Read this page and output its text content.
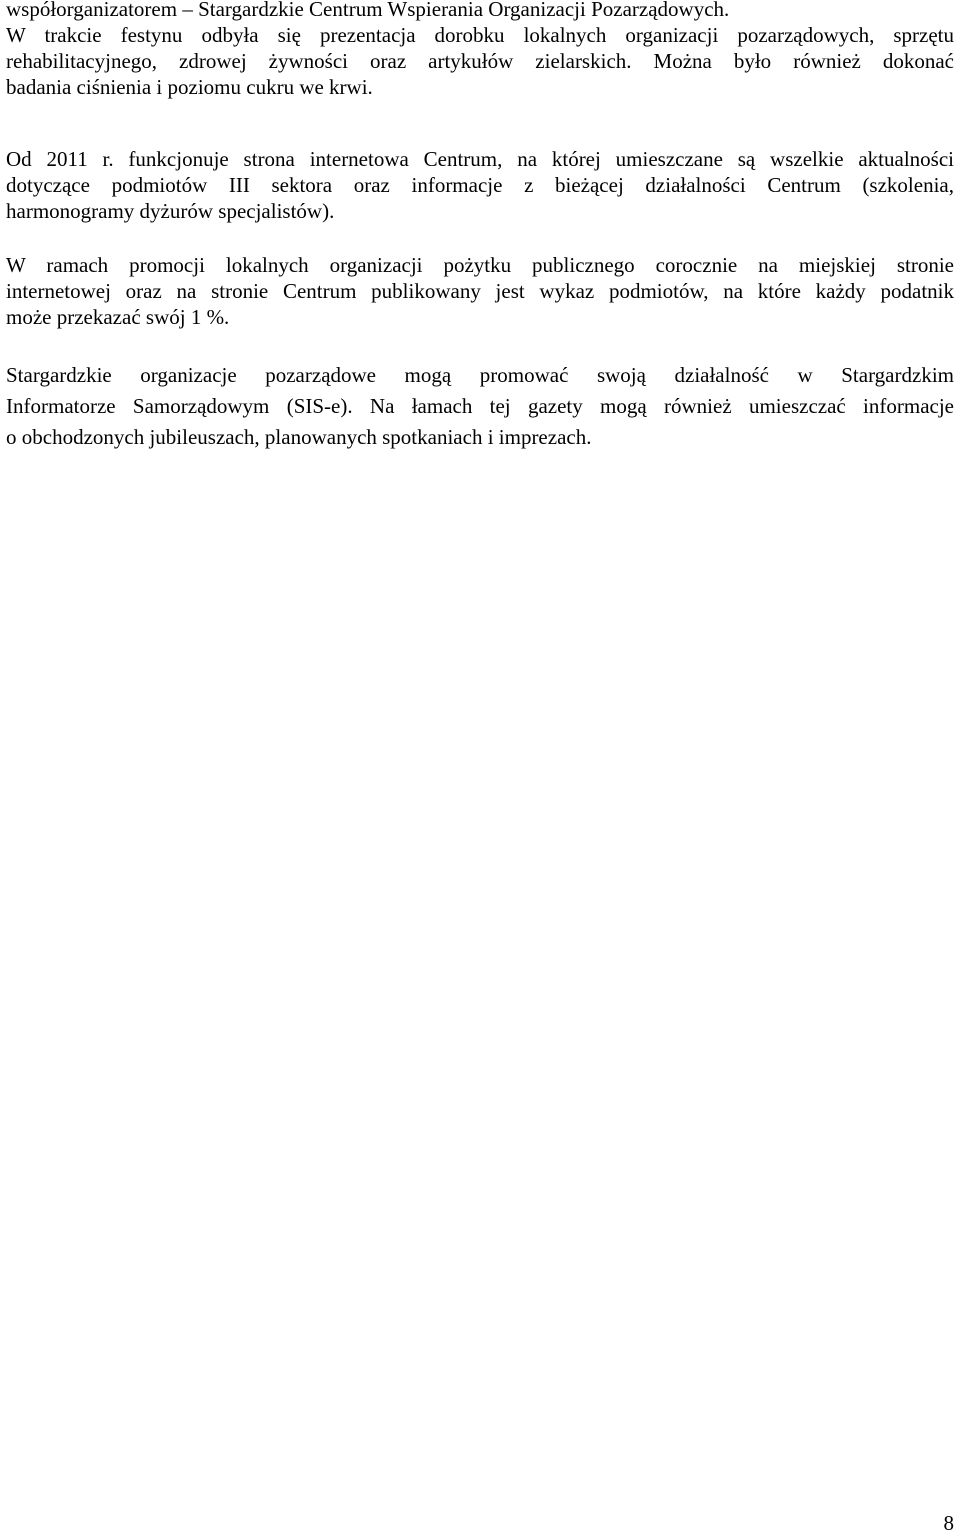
współorganizatorem – Stargardzkie Centrum Wspierania Organizacji Pozarządowych.
W trakcie festynu odbyła się prezentacja dorobku lokalnych organizacji pozarządowych, sprzętu
rehabilitacyjnego, zdrowej żywności oraz artykułów zielarskich. Można było również dokonać
badania ciśnienia i poziomu cukru we krwi.
Od 2011 r. funkcjonuje strona internetowa Centrum, na której umieszczane są wszelkie aktualności
dotyczące podmiotów III sektora oraz informacje z bieżącej działalności Centrum (szkolenia,
harmonogramy dyżurów specjalistów).
W ramach promocji lokalnych organizacji pożytku publicznego corocznie na miejskiej stronie
internetowej oraz na stronie Centrum publikowany jest wykaz podmiotów, na które każdy podatnik
może przekazać swój 1 %.
Stargardzkie organizacje pozarządowe mogą promować swoją działalność w Stargardzkim
Informatorze Samorządowym (SIS-e). Na łamach tej gazety mogą również umieszczać informacje
o obchodzonych jubileuszach, planowanych spotkaniach i imprezach.
8
